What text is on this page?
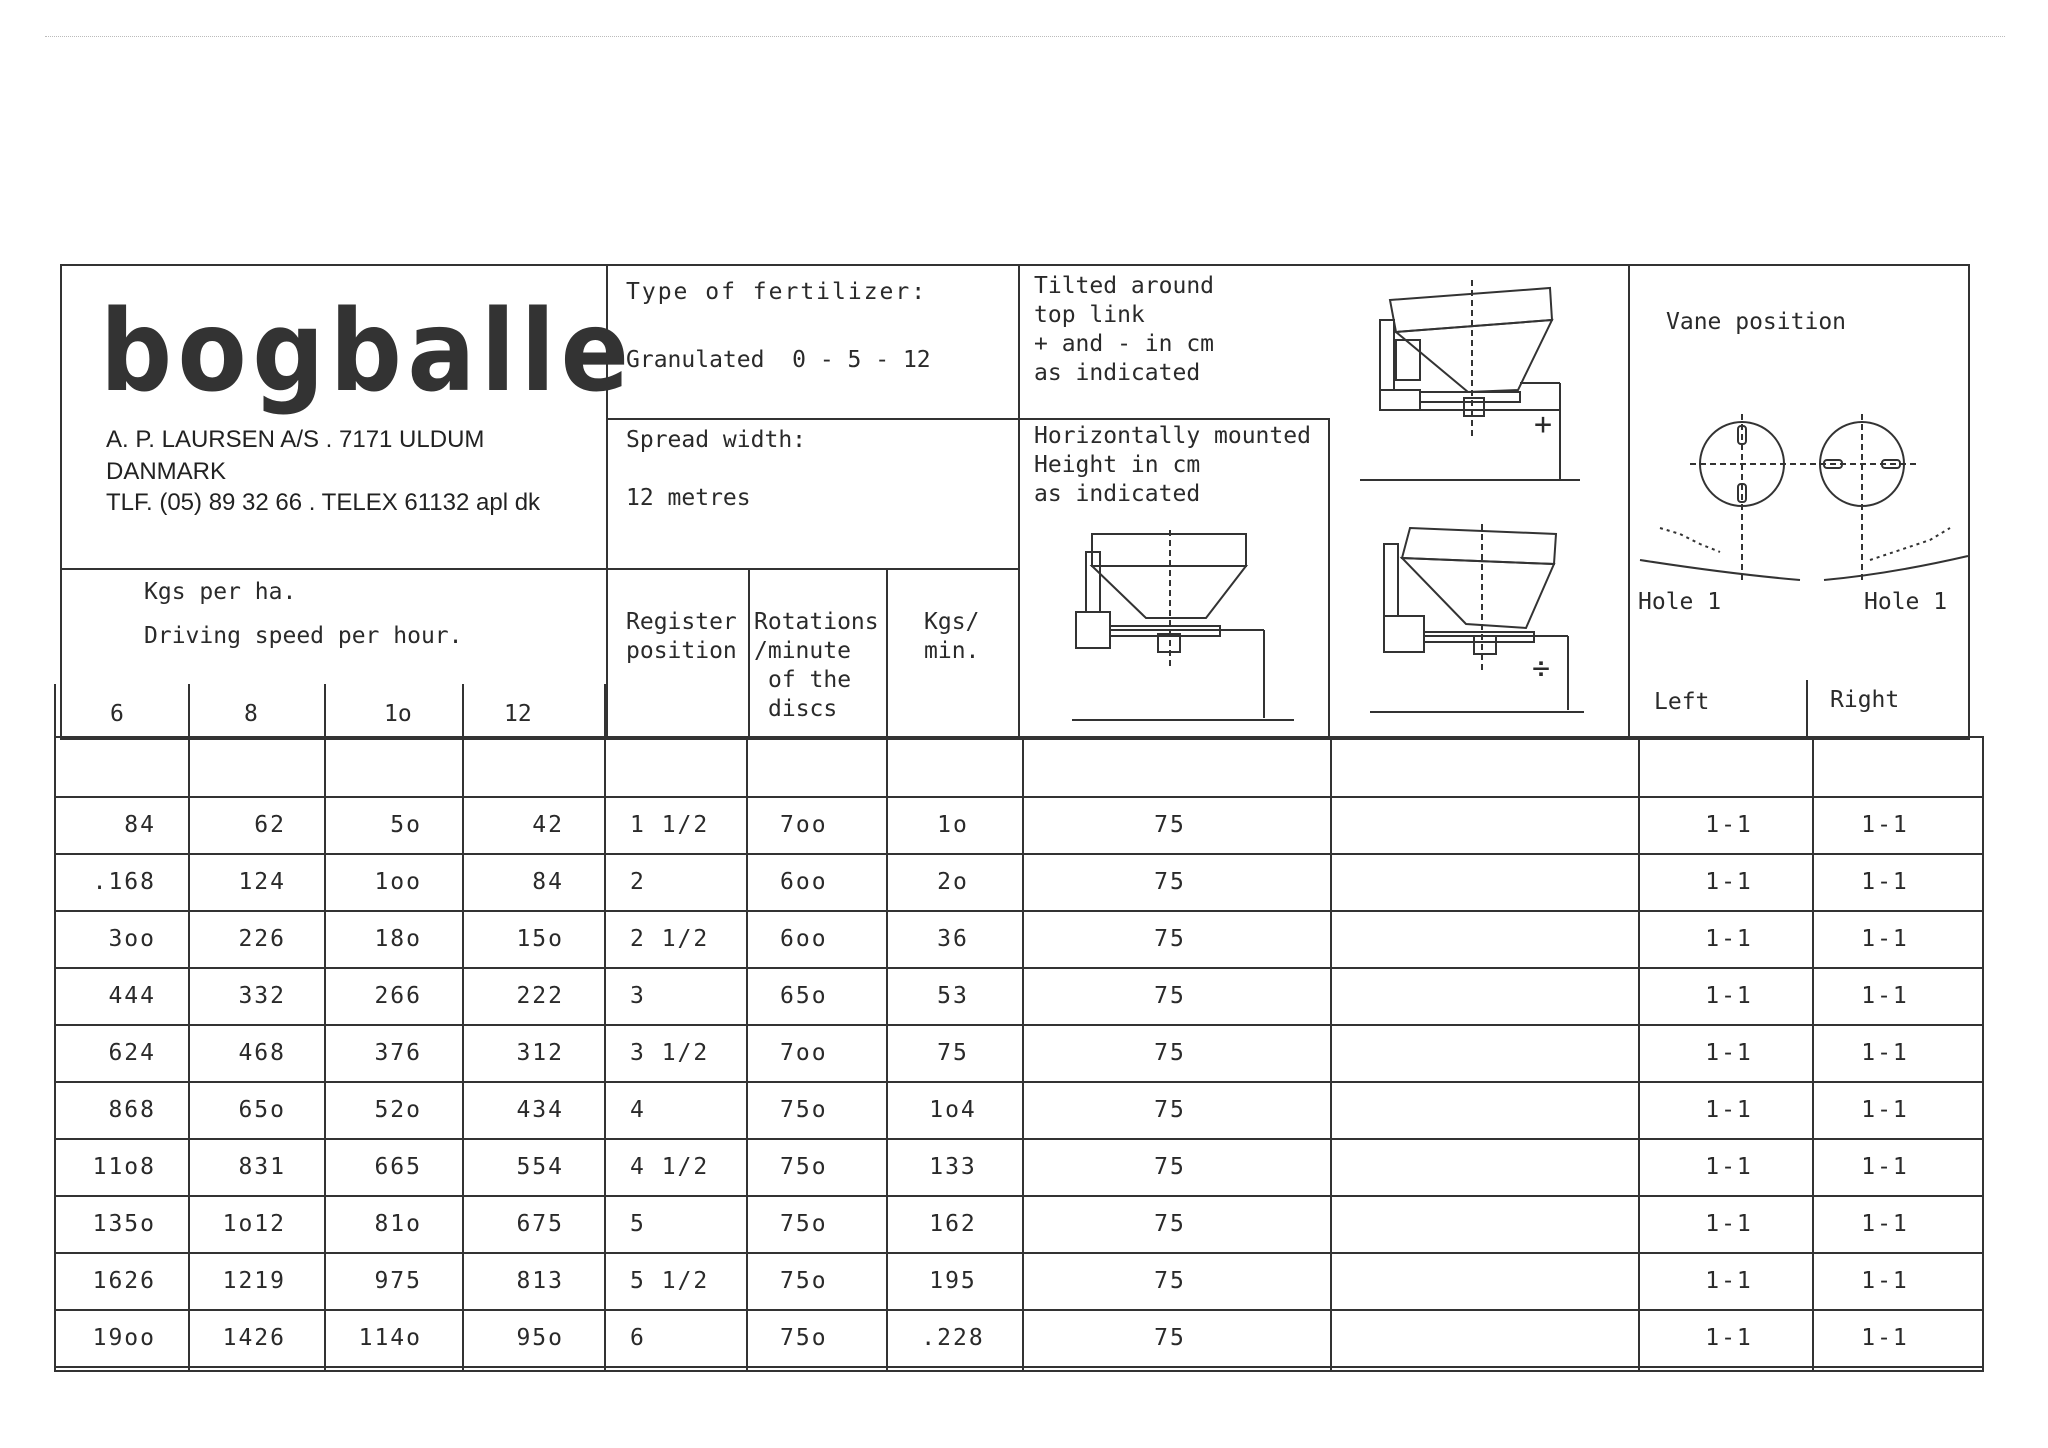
bogballe
A. P. LAURSEN A/S . 7171 ULDUM
DANMARK
TLF. (05) 89 32 66 . TELEX 61132 apl dk
Type of fertilizer:
Granulated  0 - 5 - 12
Spread width:
12 metres
Tilted around
top link
+ and - in cm
as indicated
Horizontally mounted
Height in cm
as indicated
+
÷
Vane position
Hole 1	Hole 1
Left	Right
Kgs per ha.
Driving speed per hour.
6	8	1o	12
Register
position
Rotations
/minute
of the
discs
Kgs/
min.
84	62	5o	42	1 1/2	7oo	1o	75	1-1	1-1
.168	124	1oo	84	2	6oo	2o	75	1-1	1-1
3oo	226	18o	15o	2 1/2	6oo	36	75	1-1	1-1
444	332	266	222	3	65o	53	75	1-1	1-1
624	468	376	312	3 1/2	7oo	75	75	1-1	1-1
868	65o	52o	434	4	75o	1o4	75	1-1	1-1
11o8	831	665	554	4 1/2	75o	133	75	1-1	1-1
135o	1o12	81o	675	5	75o	162	75	1-1	1-1
1626	1219	975	813	5 1/2	75o	195	75	1-1	1-1
19oo	1426	114o	95o	6	75o	.228	75	1-1	1-1
